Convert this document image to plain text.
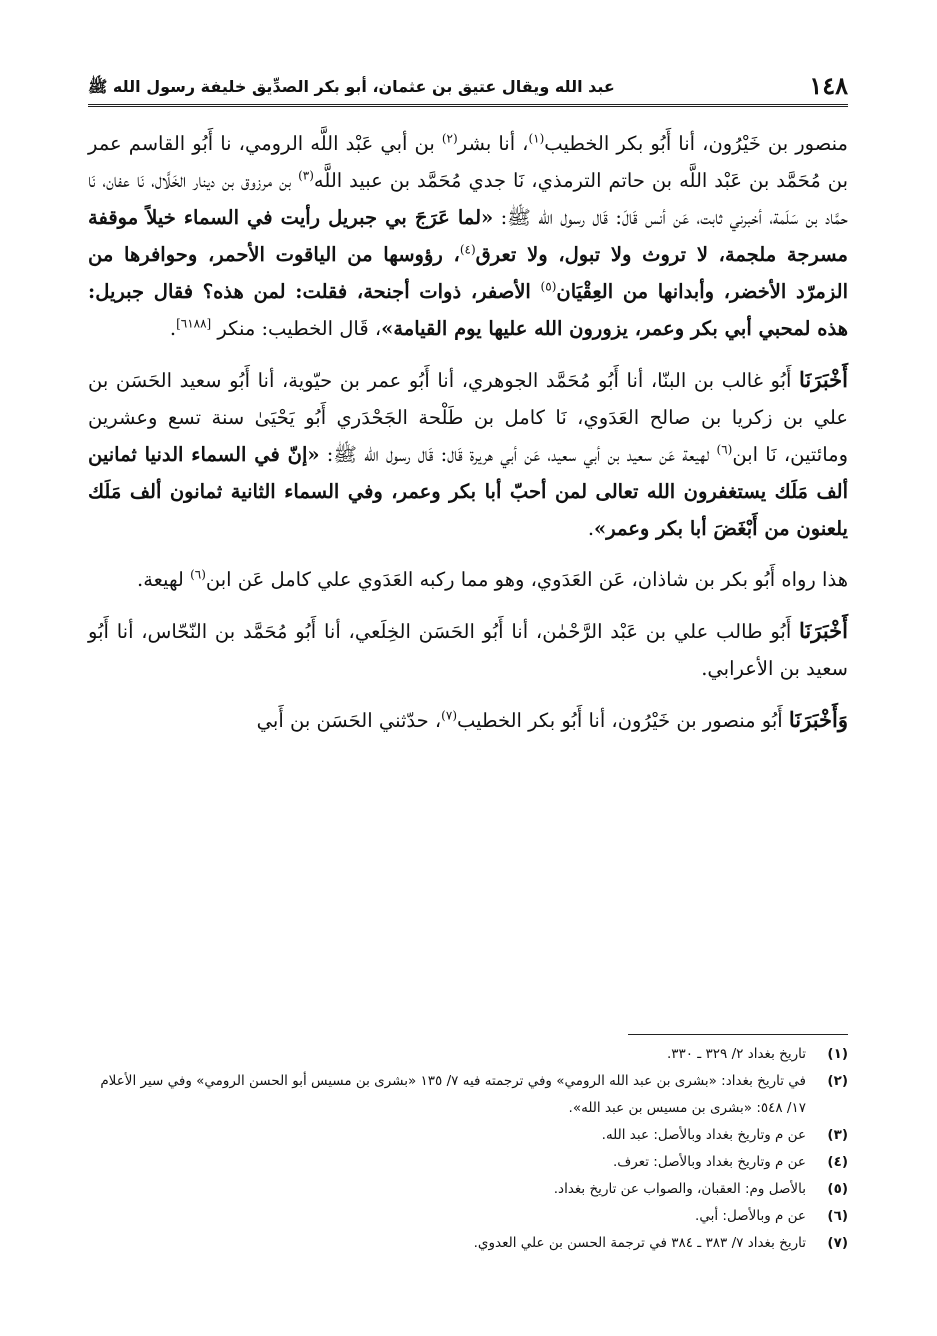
١٤٨
عبد الله ويقال عتيق بن عثمان، أبو بكر الصدِّيق خليفة رسول الله ﷺ

منصور بن خَيْرُون، أنا أَبُو بكر الخطيب$^{(١)}$، أنا بشر$^{(٢)}$ بن أبي عَبْد اللَّه الرومي، نا أَبُو القاسم عمر بن مُحَمَّد بن عَبْد اللَّه بن حاتم الترمذي، نَا جدي مُحَمَّد بن عبيد اللَّه$^{(٣)}$ بن مرزوق بن دينار الخَلَّال، نَا عفان، نَا حمَّاد بن سَلَمة، أخبرني ثابت، عَن أنس قَالَ: قَال رسول الله ﷺ: «لما عَرَجَ بي جبريل رأيت في السماء خيلاً موقفة مسرجة ملجمة، لا تروث ولا تبول، ولا تعرق$^{(٤)}$، رؤوسها من الياقوت الأحمر، وحوافرها من الزمرّد الأخضر، وأبدانها من العِقْيَان$^{(٥)}$ الأصفر، ذوات أجنحة، فقلت: لمن هذه؟ فقال جبريل: هذه لمحبي أبي بكر وعمر، يزورون الله عليها يوم القيامة»، قَال الخطيب: منكر [٦١٨٨].

أَخْبَرَنَا أَبُو غالب بن البنّا، أنا أَبُو مُحَمَّد الجوهري، أنا أَبُو عمر بن حيّوية، أنا أَبُو سعيد الحَسَن بن علي بن زكريا بن صالح العَدَوي، نَا كامل بن طَلْحة الجَحْدَري أَبُو يَحْيَىٰ سنة تسع وعشرين ومائتين، نَا ابن$^{(٦)}$ لهيعة عَن سعيد بن أبي سعيد، عَن أبي هريرة قَال: قَال رسول الله ﷺ: «إنّ في السماء الدنيا ثمانين ألف مَلَك يستغفرون الله تعالى لمن أحبّ أبا بكر وعمر، وفي السماء الثانية ثمانون ألف مَلَك يلعنون من أَبْغَضَ أبا بكر وعمر».

هذا رواه أَبُو بكر بن شاذان، عَن العَدَوي، وهو مما ركبه العَدَوي علي كامل عَن ابن$^{(٦)}$ لهيعة.

أَخْبَرَنَا أَبُو طالب علي بن عَبْد الرَّحْمٰن، أنا أَبُو الحَسَن الخِلَعي، أنا أَبُو مُحَمَّد بن النّحّاس، أنا أَبُو سعيد بن الأعرابي.

وَأَخْبَرَنَا أَبُو منصور بن خَيْرُون، أنا أَبُو بكر الخطيب$^{(٧)}$، حدّثني الحَسَن بن أَبي

(١)
تاريخ بغداد ٢/ ٣٢٩ ـ ٣٣٠.
(٢)
في تاريخ بغداد: «بشرى بن عبد الله الرومي» وفي ترجمته فيه ٧/ ١٣٥ «بشرى بن مسيس أبو الحسن الرومي» وفي سير الأعلام ١٧/ ٥٤٨: «بشرى بن مسيس بن عبد الله».
(٣)
عن م وتاريخ بغداد وبالأصل: عبد الله.
(٤)
عن م وتاريخ بغداد وبالأصل: تعرف.
(٥)
بالأصل وم: العقبان، والصواب عن تاريخ بغداد.
(٦)
عن م وبالأصل: أبي.
(٧)
تاريخ بغداد ٧/ ٣٨٣ ـ ٣٨٤ في ترجمة الحسن بن علي العدوي.
